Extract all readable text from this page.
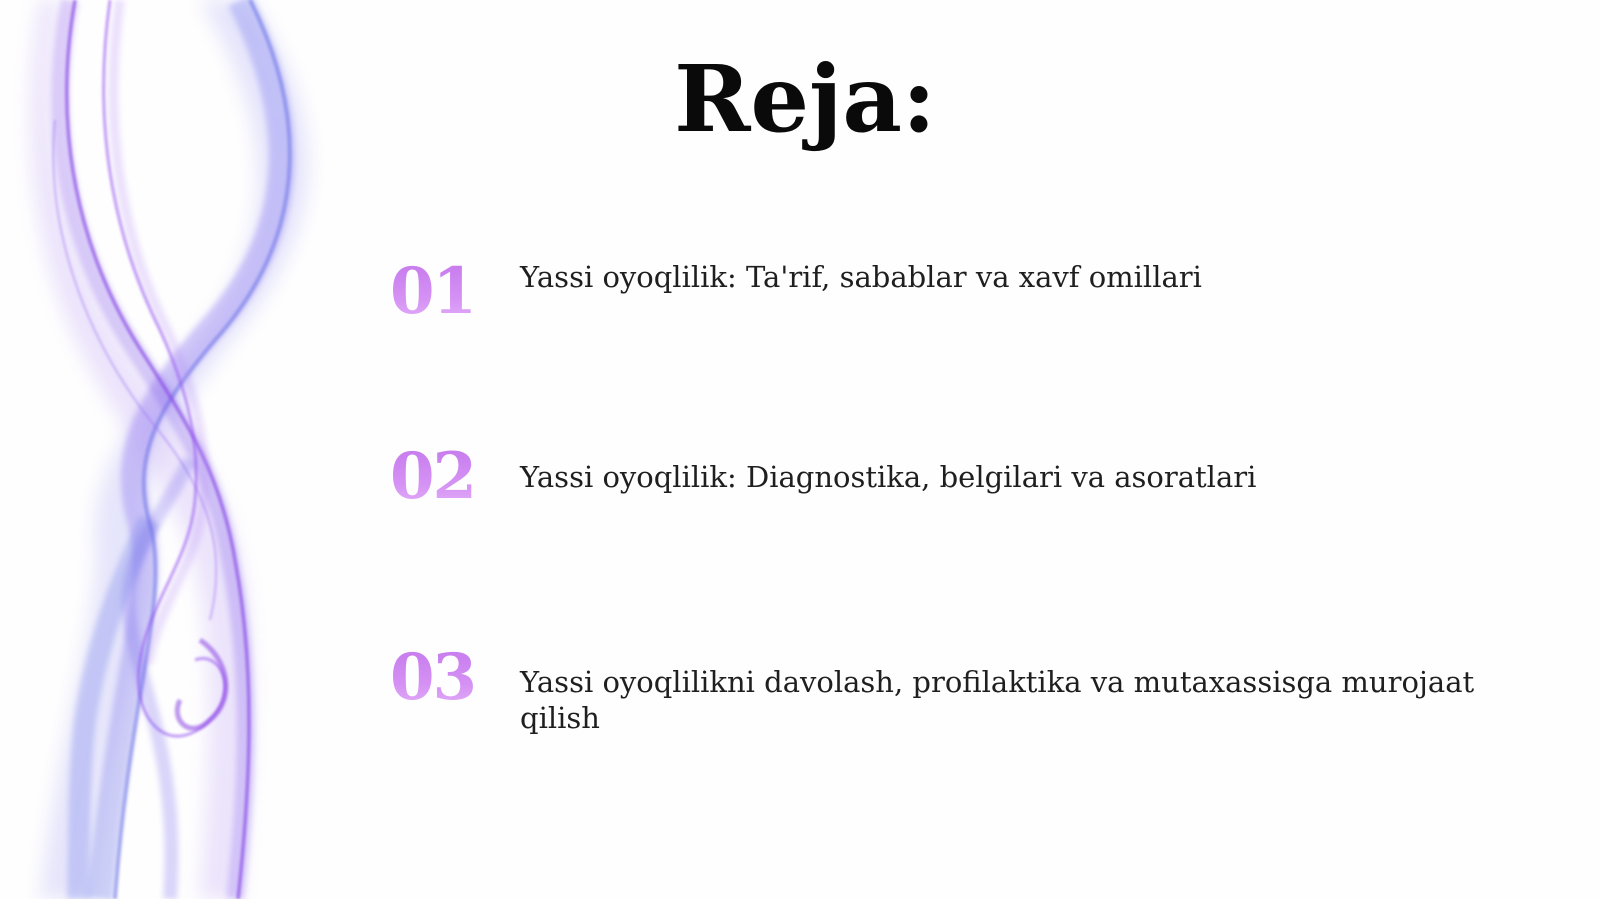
Reja:
01 Yassi oyoqlilik: Ta'rif, sabablar va xavf omillari
02 Yassi oyoqlilik: Diagnostika, belgilari va asoratlari
03 Yassi oyoqlilikni davolash, profilaktika va mutaxassisga murojaat qilish
